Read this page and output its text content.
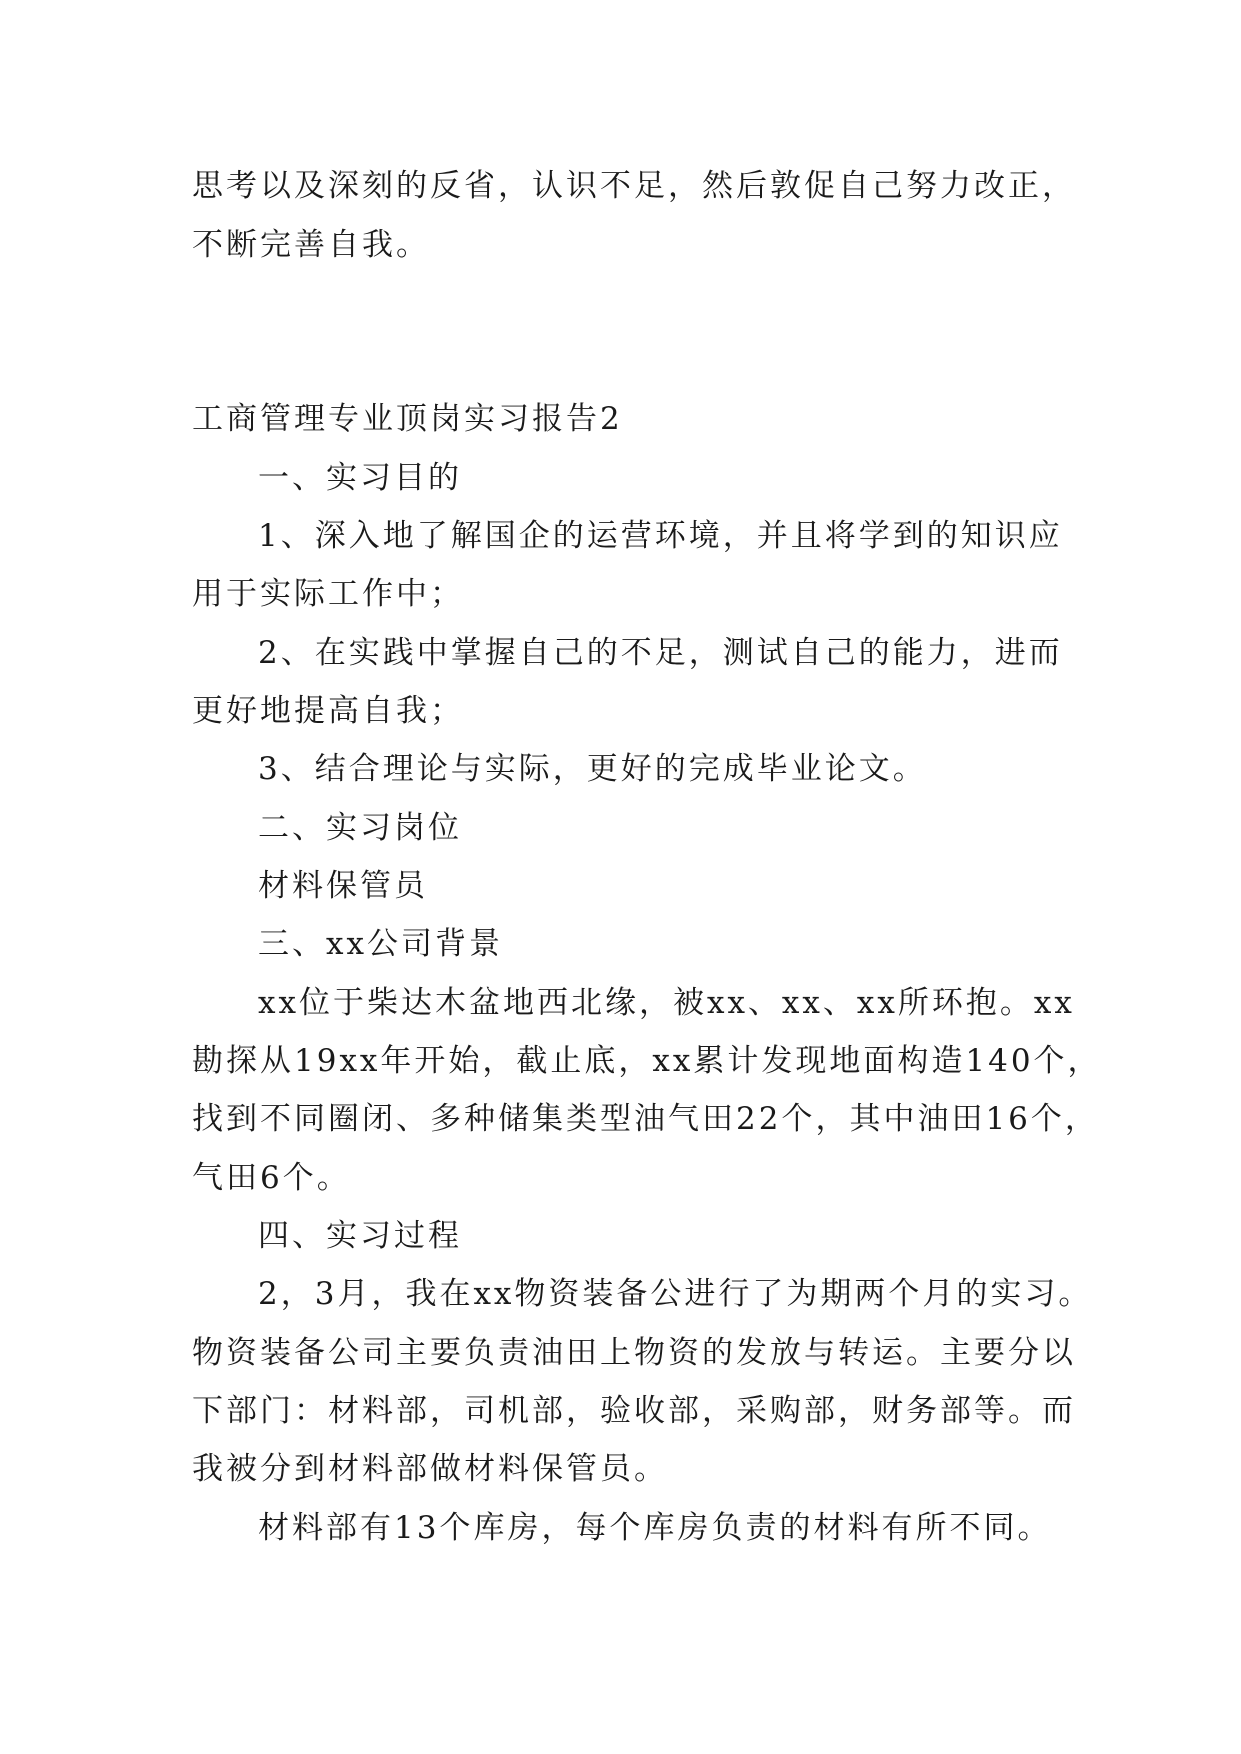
思考以及深刻的反省，认识不足，然后敦促自己努力改正，
不断完善自我。
工商管理专业顶岗实习报告2
一、实习目的
1、深入地了解国企的运营环境，并且将学到的知识应
用于实际工作中；
2、在实践中掌握自己的不足，测试自己的能力，进而
更好地提高自我；
3、结合理论与实际，更好的完成毕业论文。
二、实习岗位
材料保管员
三、xx公司背景
xx位于柴达木盆地西北缘，被xx、xx、xx所环抱。xx
勘探从19xx年开始，截止底，xx累计发现地面构造140个，
找到不同圈闭、多种储集类型油气田22个，其中油田16个，
气田6个。
四、实习过程
2，3月，我在xx物资装备公进行了为期两个月的实习。
物资装备公司主要负责油田上物资的发放与转运。主要分以
下部门：材料部，司机部，验收部，采购部，财务部等。而
我被分到材料部做材料保管员。
材料部有13个库房，每个库房负责的材料有所不同。
